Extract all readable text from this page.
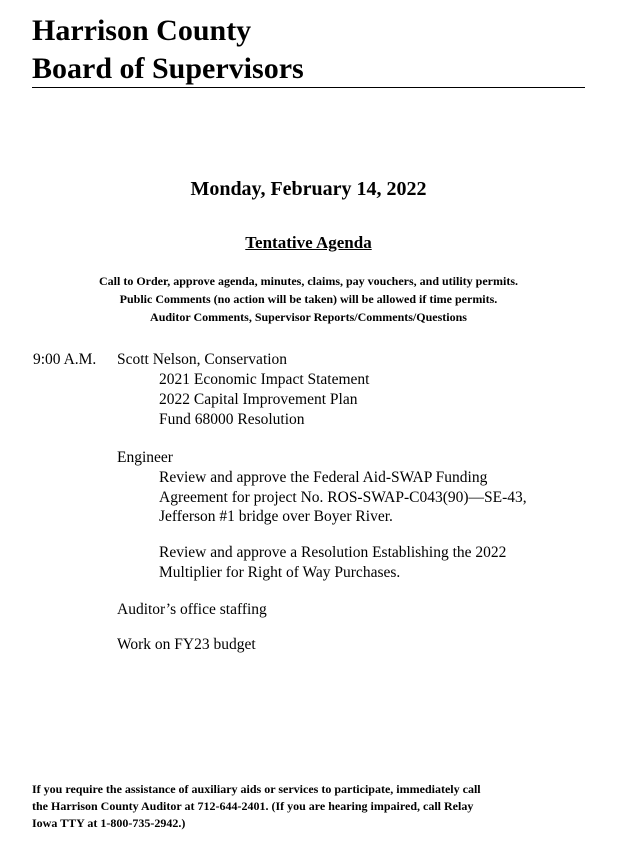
Harrison County
Board of Supervisors
Monday, February 14, 2022
Tentative Agenda
Call to Order, approve agenda, minutes, claims, pay vouchers, and utility permits.
Public Comments (no action will be taken) will be allowed if time permits.
Auditor Comments, Supervisor Reports/Comments/Questions
9:00 A.M. Scott Nelson, Conservation
2021 Economic Impact Statement
2022 Capital Improvement Plan
Fund 68000 Resolution
Engineer
Review and approve the Federal Aid-SWAP Funding
Agreement for project No. ROS-SWAP-C043(90)—SE-43,
Jefferson #1 bridge over Boyer River.
Review and approve a Resolution Establishing the 2022
Multiplier for Right of Way Purchases.
Auditor’s office staffing
Work on FY23 budget
If you require the assistance of auxiliary aids or services to participate, immediately call
the Harrison County Auditor at 712-644-2401. (If you are hearing impaired, call Relay
Iowa TTY at 1-800-735-2942.)
